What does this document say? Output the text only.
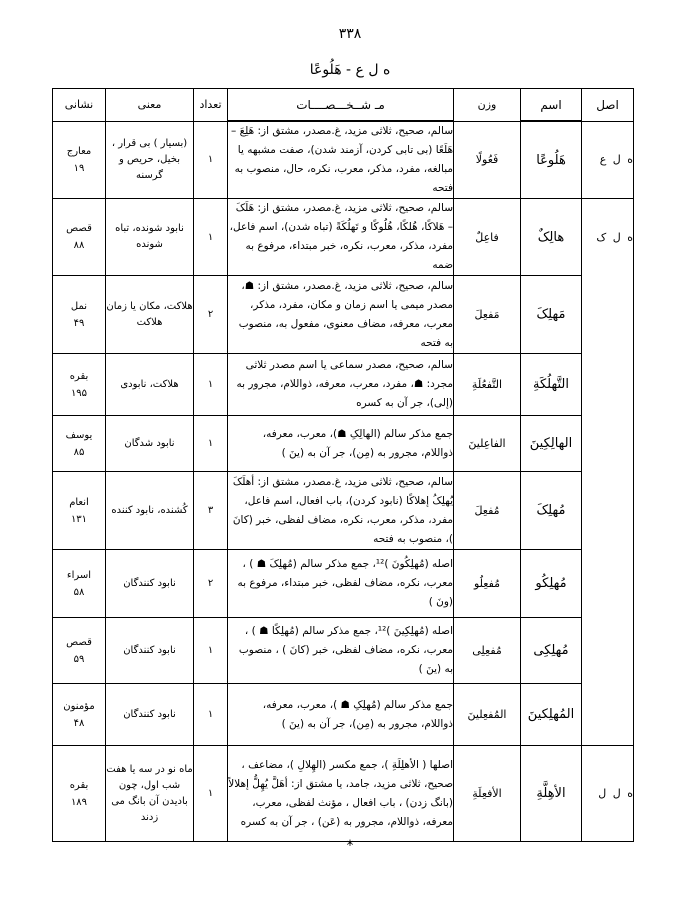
۳۳۸
ﻩ ل ع - هَلُوعًا
اصل	اسم	وزن	مـ شــخـــصــــات	تعداد	معنی	نشانی
ﻩ ل ع	هَلُوعًا	فَعُولًا	سالم، صحیح، ثلاثی مزید، غ.مصدر، مشتق از: هَلِعَ – هَلَعًا (بی تابی کردن، آزمند شدن)، صفت مشبهه یا مبالغه، مفرد، مذکر، معرب، نکره، حال، منصوب به فتحه	۱	(بسیار ) بی قرار ، بخیل، حریص و گرسنه	معارج
۱۹

ﻩ ل ک	هالِکٌ	فاعِلٌ	سالم، صحیح، ثلاثی مزید، غ.مصدر، مشتق از: هَلَکَ – هَلاکًا، هُلکًا، هُلُوکًا و تَهلُکَةً (تباه شدن)، اسم فاعل، مفرد، مذکر، معرب، نکره، خبر مبتداء، مرفوع به ضمه	۱	نابود شونده، تباه شونده	قصص
۸۸

	مَهلِکَ	مَفعِلَ	سالم، صحیح، ثلاثی مزید، غ.مصدر، مشتق از: ☗، مصدر میمی یا اسم زمان و مکان، مفرد، مذکر، معرب، معرفه، مضاف معنوی، مفعول به، منصوب به فتحه	۲	هلاکت، مکان یا زمان هلاکت	نمل
۴۹

	التَّهلُکَةِ	التَّفعُلَةِ	سالم، صحیح، مصدر سماعی یا اسم مصدر ثلاثی مجرد: ☗، مفرد، معرب، معرفه، ذواللام، مجرور به (إلی)، جر آن به کسره	۱	هلاکت، نابودی	بقره
۱۹۵

	الهالِکِینَ	الفاعِلینَ	جمع مذکر سالم (الهالِکِ ☗)، معرب، معرفه، ذواللام، مجرور به (مِن)، جر آن به (ینَ )	۱	نابود شدگان	یوسف
۸۵

	مُهلِکَ	مُفعِلَ	سالم، صحیح، ثلاثی مزید، غ.مصدر، مشتق از: أهلَکَ یُهلِکُ إهلاکًا (نابود کردن)، باب افعال، اسم فاعل، مفرد، مذکر، معرب، نکره، مضاف لفظی، خبر (کانَ )، منصوب به فتحه	۳	کُشنده، نابود کننده	انعام
۱۳۱

	مُهلِکُو	مُفعِلُو	اصله (مُهلِکُونَ )¹²، جمع مذکر سالم (مُهلِکَ ☗ ) ، معرب، نکره، مضاف لفظی، خبر مبتداء، مرفوع به (ونَ )	۲	نابود کنندگان	اسراء
۵۸

	مُهلِکِی	مُفعِلِی	اصله (مُهلِکِینَ )¹²، جمع مذکر سالم (مُهلِکًا ☗ ) ، معرب، نکره، مضاف لفظی، خبر (کانَ ) ، منصوب به (ینَ )	۱	نابود کنندگان	قصص
۵۹

	المُهلِکینَ	المُفعِلینَ	جمع مذکر سالم (مُهلِکِ ☗ )، معرب، معرفه، ذواللام، مجرور به (مِن)، جر آن به (ینَ )	۱	نابود کنندگان	مؤمنون
۴۸

ﻩ ل ل	الأهِلَّةِ	الأفعِلَةِ	اصلها ( الأهلِلَةِ )، جمع مکسر (الهِلالِ )، مضاعف ، صحیح، ثلاثی مزید، جامد، یا مشتق از: أهَلَّ یُهِلُّ إهلالاً (بانگ زدن) ، باب افعال ، مؤنث لفظی، معرب، معرفه، ذواللام، مجرور به (عَن) ، جر آن به کسره	۱	ماه نو در سه یا هفت شب اول، چون باديدن آن بانگ می زدند	بقره
۱۸۹
*
